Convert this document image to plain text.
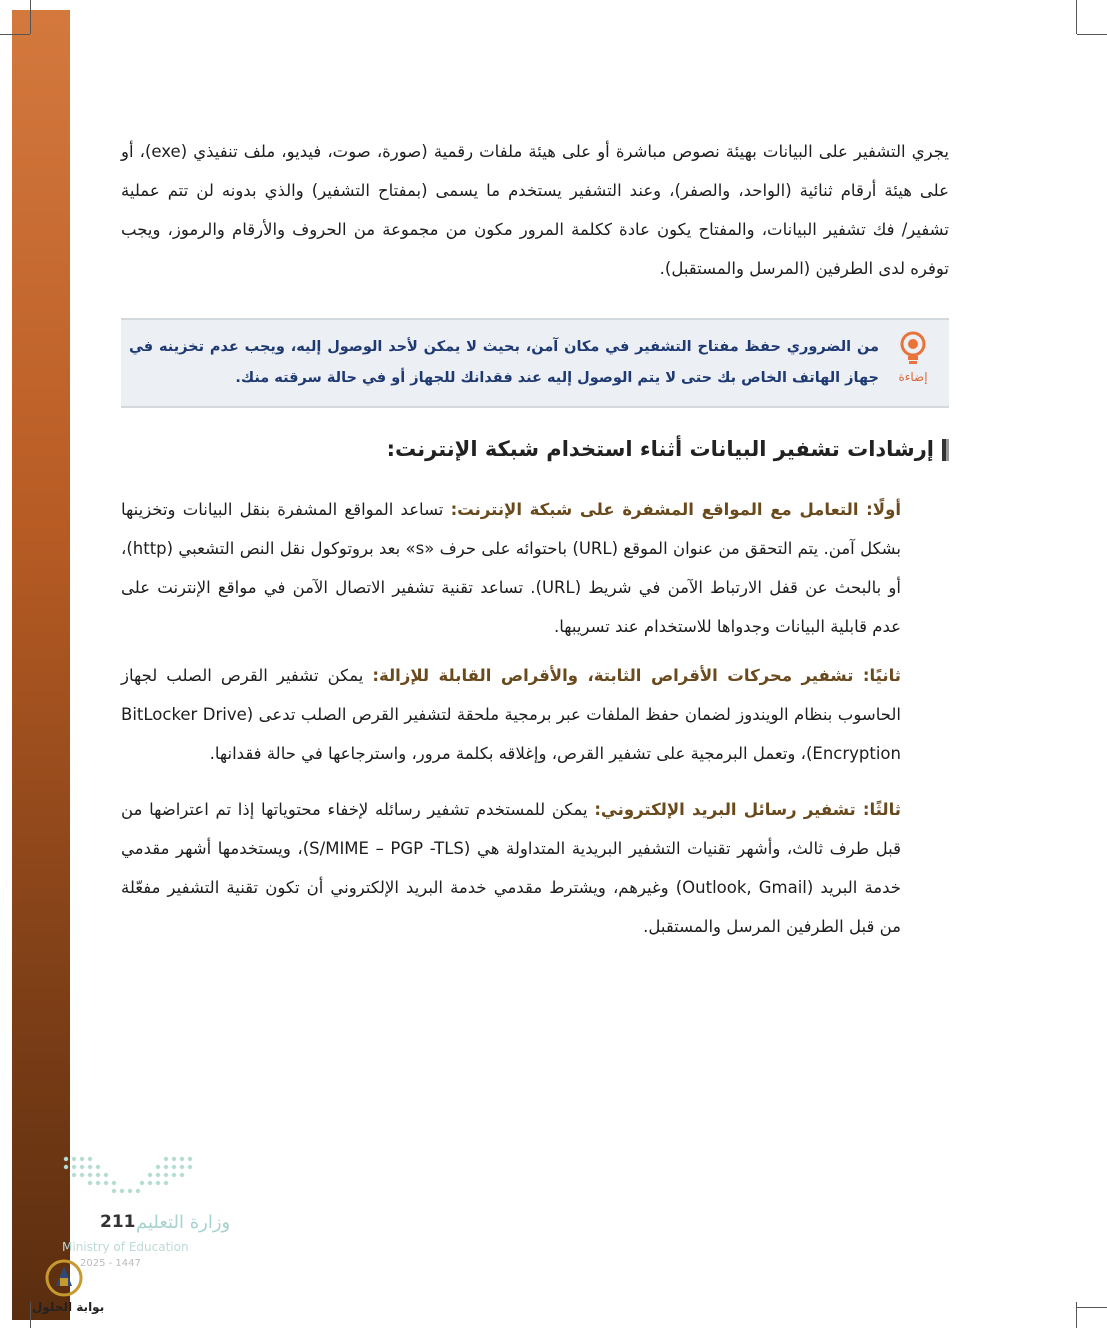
يجري التشفير على البيانات بهيئة نصوص مباشرة أو على هيئة ملفات رقمية (صورة، صوت، فيديو، ملف تنفيذي (exe)، أو على هيئة أرقام ثنائية (الواحد، والصفر)، وعند التشفير يستخدم ما يسمى (بمفتاح التشفير) والذي بدونه لن تتم عملية تشفير/ فك تشفير البيانات، والمفتاح يكون عادة ككلمة المرور مكون من مجموعة من الحروف والأرقام والرموز، ويجب توفره لدى الطرفين (المرسل والمستقبل).
إضاءة
من الضروري حفظ مفتاح التشفير في مكان آمن، بحيث لا يمكن لأحد الوصول إليه، ويجب عدم تخزينه في جهاز الهاتف الخاص بك حتى لا يتم الوصول إليه عند فقدانك للجهاز أو في حالة سرقته منك.
إرشادات تشفير البيانات أثناء استخدام شبكة الإنترنت:
أولًا: التعامل مع المواقع المشفرة على شبكة الإنترنت: تساعد المواقع المشفرة بنقل البيانات وتخزينها بشكل آمن. يتم التحقق من عنوان الموقع (URL) باحتوائه على حرف «s» بعد بروتوكول نقل النص التشعبي (http)، أو بالبحث عن قفل الارتباط الآمن في شريط (URL). تساعد تقنية تشفير الاتصال الآمن في مواقع الإنترنت على عدم قابلية البيانات وجدواها للاستخدام عند تسريبها.
ثانيًا: تشفير محركات الأقراص الثابتة، والأقراص القابلة للإزالة: يمكن تشفير القرص الصلب لجهاز الحاسوب بنظام الويندوز لضمان حفظ الملفات عبر برمجية ملحقة لتشفير القرص الصلب تدعى (BitLocker Drive Encryption)، وتعمل البرمجية على تشفير القرص، وإغلاقه بكلمة مرور، واسترجاعها في حالة فقدانها.
ثالثًا: تشفير رسائل البريد الإلكتروني: يمكن للمستخدم تشفير رسائله لإخفاء محتوياتها إذا تم اعتراضها من قبل طرف ثالث، وأشهر تقنيات التشفير البريدية المتداولة هي (S/MIME – PGP -TLS)، ويستخدمها أشهر مقدمي خدمة البريد (Outlook, Gmail) وغيرهم، ويشترط مقدمي خدمة البريد الإلكتروني أن تكون تقنية التشفير مفعّلة من قبل الطرفين المرسل والمستقبل.
وزارة التعليم
211
Ministry of Education
2025 - 1447
بوابة الحلول
